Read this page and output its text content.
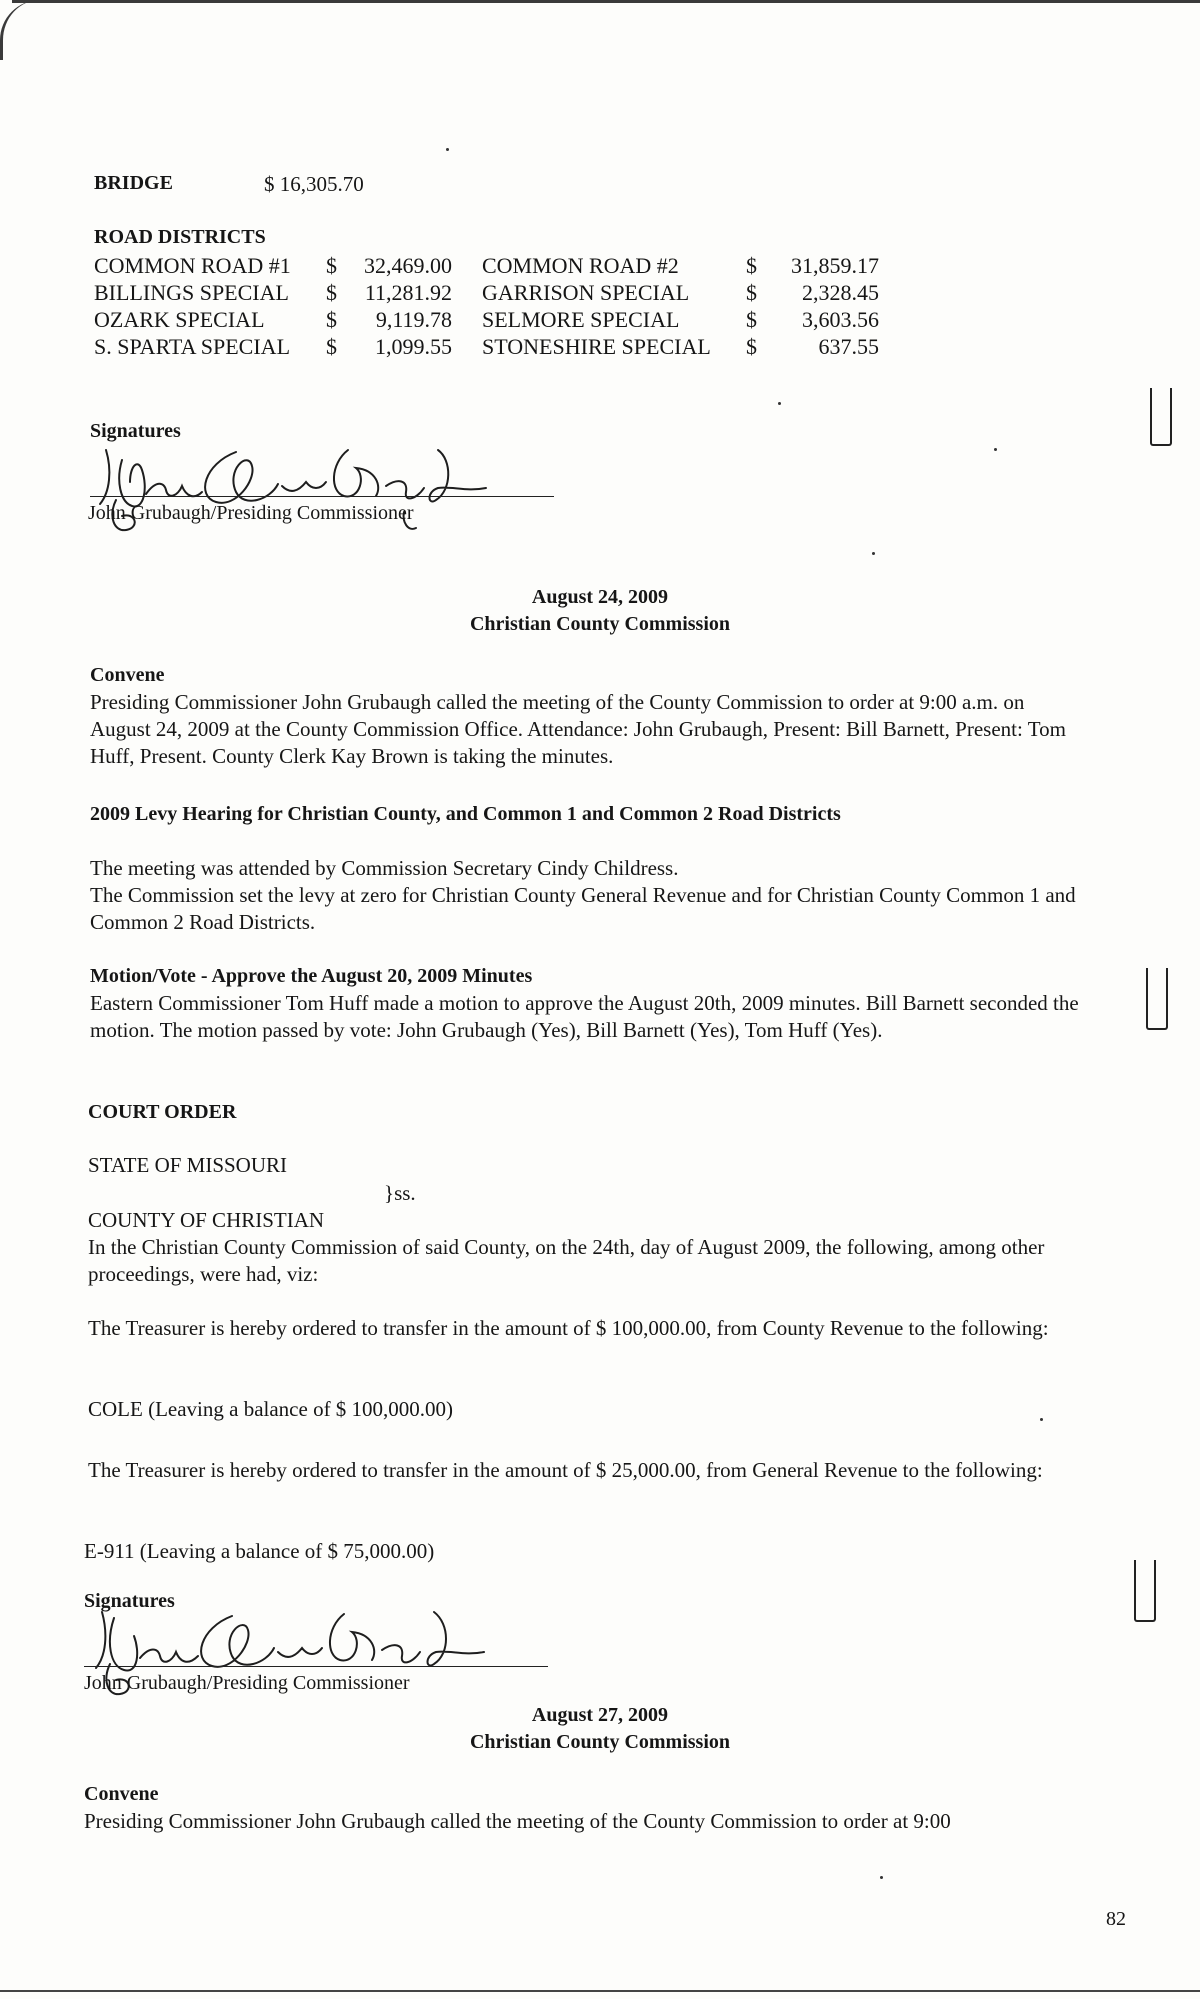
BRIDGE	$ 16,305.70
ROAD DISTRICTS
COMMON ROAD #1	$	32,469.00 COMMON ROAD #2	$	31,859.17
BILLINGS SPECIAL	$	11,281.92 GARRISON SPECIAL	$	2,328.45
OZARK SPECIAL	$	9,119.78 SELMORE SPECIAL	$	3,603.56
S. SPARTA SPECIAL	$	1,099.55 STONESHIRE SPECIAL	$	637.55
Signatures
John Grubaugh/Presiding Commissioner
August 24, 2009
Christian County Commission
Convene
Presiding Commissioner John Grubaugh called the meeting of the County Commission to order at 9:00 a.m. on August 24, 2009 at the County Commission Office. Attendance: John Grubaugh, Present: Bill Barnett, Present: Tom Huff, Present. County Clerk Kay Brown is taking the minutes.
2009 Levy Hearing for Christian County, and Common 1 and Common 2 Road Districts
The meeting was attended by Commission Secretary Cindy Childress.
The Commission set the levy at zero for Christian County General Revenue and for Christian County Common 1 and Common 2 Road Districts.
Motion/Vote - Approve the August 20, 2009 Minutes
Eastern Commissioner Tom Huff made a motion to approve the August 20th, 2009 minutes. Bill Barnett seconded the motion. The motion passed by vote: John Grubaugh (Yes), Bill Barnett (Yes), Tom Huff (Yes).
COURT ORDER
STATE OF MISSOURI
}ss.
COUNTY OF CHRISTIAN
In the Christian County Commission of said County, on the 24th, day of August 2009, the following, among other proceedings, were had, viz:
The Treasurer is hereby ordered to transfer in the amount of $ 100,000.00, from County Revenue to the following:
COLE (Leaving a balance of $ 100,000.00)
The Treasurer is hereby ordered to transfer in the amount of $ 25,000.00, from General Revenue to the following:
E-911 (Leaving a balance of $ 75,000.00)
Signatures
John Grubaugh/Presiding Commissioner
August 27, 2009
Christian County Commission
Convene
Presiding Commissioner John Grubaugh called the meeting of the County Commission to order at 9:00
82
